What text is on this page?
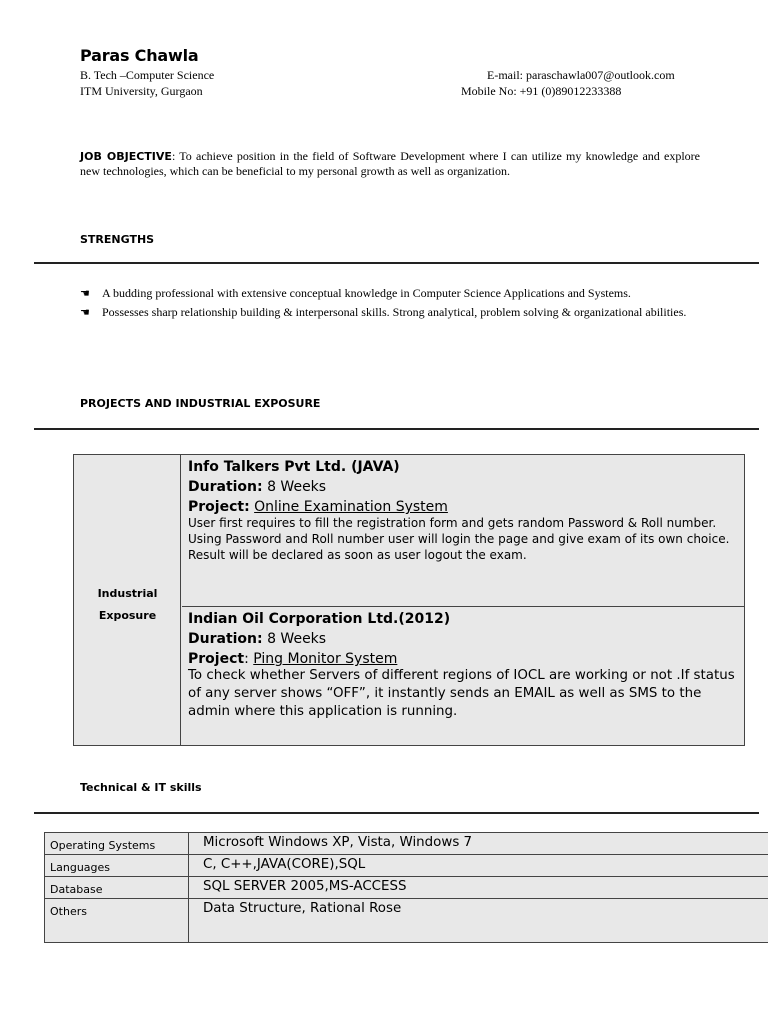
Paras Chawla
B. Tech –Computer Science
ITM University, Gurgaon
E-mail: paraschawla007@outlook.com
Mobile No: +91 (0)89012233388
JOB OBJECTIVE: To achieve position in the field of Software Development where I can utilize my knowledge and explore new technologies, which can be beneficial to my personal growth as well as organization.
STRENGTHS
☚ A budding professional with extensive conceptual knowledge in Computer Science Applications and Systems.
☚ Possesses sharp relationship building & interpersonal skills. Strong analytical, problem solving & organizational abilities.
PROJECTS AND INDUSTRIAL EXPOSURE
Industrial
Exposure
Info Talkers Pvt Ltd. (JAVA)
Duration: 8 Weeks
Project: Online Examination System
User first requires to fill the registration form and gets random Password & Roll number. Using Password and Roll number user will login the page and give exam of its own choice. Result will be declared as soon as user logout the exam.
Indian Oil Corporation Ltd.(2012)
Duration: 8 Weeks
Project: Ping Monitor System
To check whether Servers of different regions of IOCL are working or not .If status of any server shows “OFF”, it instantly sends an EMAIL as well as SMS to the admin where this application is running.
Technical & IT skills
Operating Systems	Microsoft Windows XP, Vista, Windows 7
Languages	C, C++,JAVA(CORE),SQL
Database	SQL SERVER 2005,MS-ACCESS
Others	Data Structure, Rational Rose
